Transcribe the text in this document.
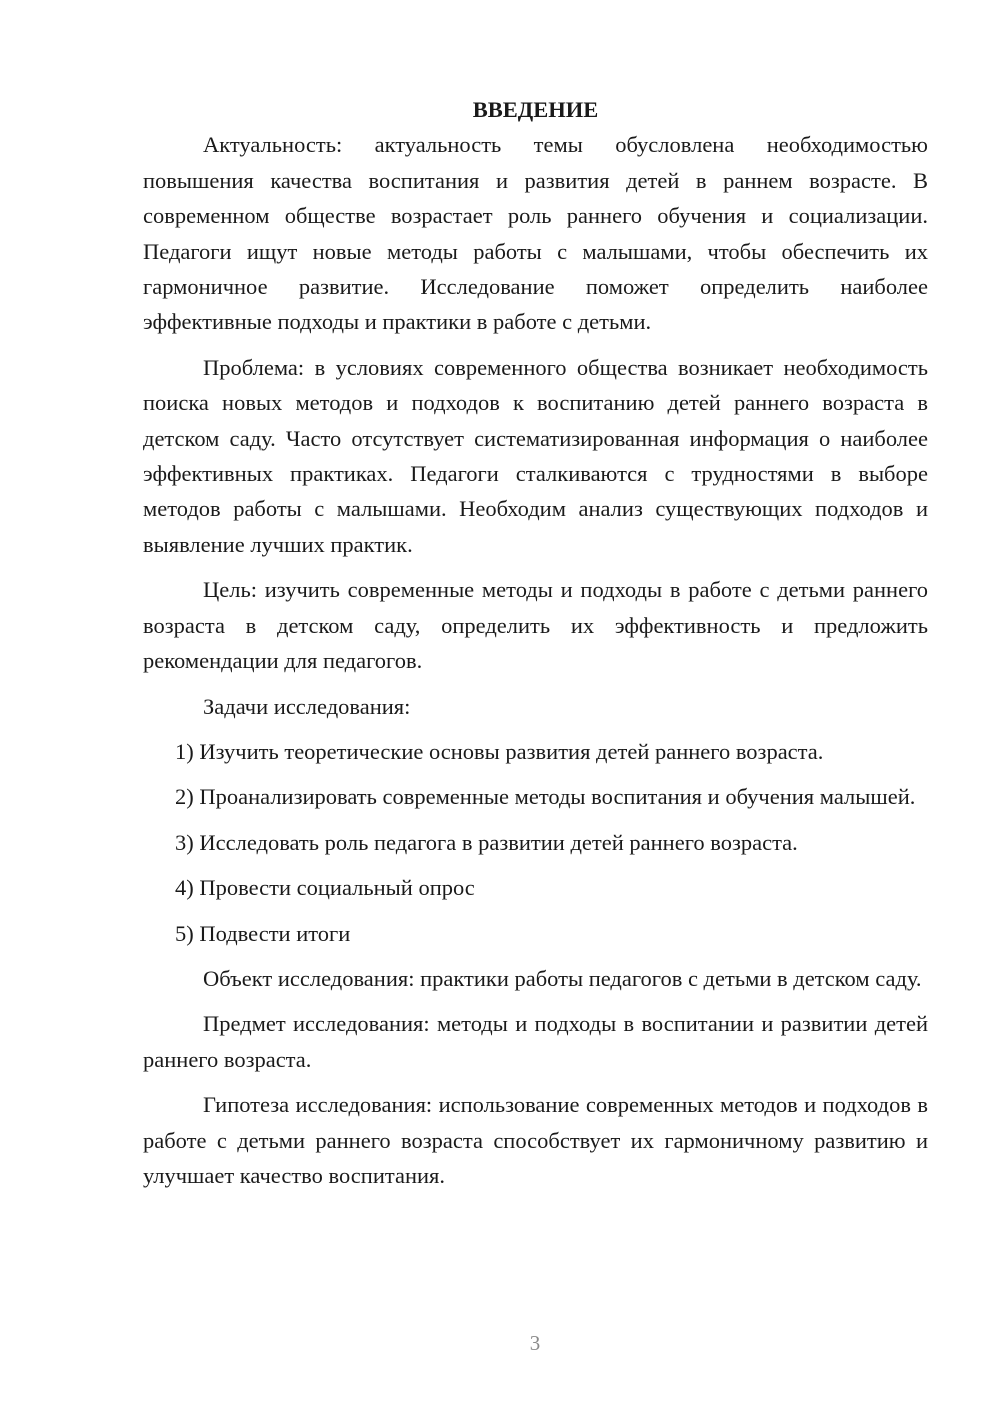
ВВЕДЕНИЕ

Актуальность: актуальность темы обусловлена необходимостью повышения качества воспитания и развития детей в раннем возрасте. В современном обществе возрастает роль раннего обучения и социализации. Педагоги ищут новые методы работы с малышами, чтобы обеспечить их гармоничное развитие. Исследование поможет определить наиболее эффективные подходы и практики в работе с детьми.

Проблема: в условиях современного общества возникает необходимость поиска новых методов и подходов к воспитанию детей раннего возраста в детском саду. Часто отсутствует систематизированная информация о наиболее эффективных практиках. Педагоги сталкиваются с трудностями в выборе методов работы с малышами. Необходим анализ существующих подходов и выявление лучших практик.

Цель: изучить современные методы и подходы в работе с детьми раннего возраста в детском саду, определить их эффективность и предложить рекомендации для педагогов.

Задачи исследования:

1) Изучить теоретические основы развития детей раннего возраста.

2) Проанализировать современные методы воспитания и обучения малышей.

3) Исследовать роль педагога в развитии детей раннего возраста.

4) Провести социальный опрос

5) Подвести итоги

Объект исследования: практики работы педагогов с детьми в детском саду.

Предмет исследования: методы и подходы в воспитании и развитии детей раннего возраста.

Гипотеза исследования: использование современных методов и подходов в работе с детьми раннего возраста способствует их гармоничному развитию и улучшает качество воспитания.

3
